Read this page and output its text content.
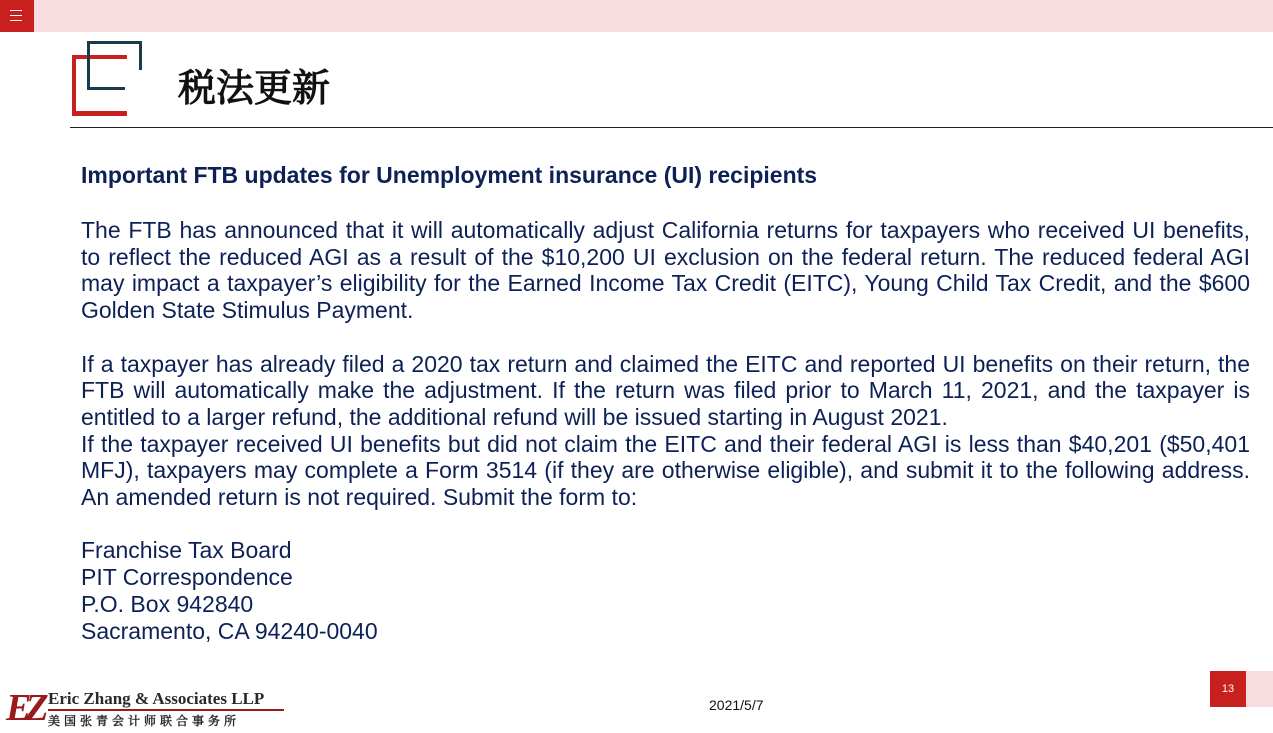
税法更新

Important FTB updates for Unemployment insurance (UI) recipients

The FTB has announced that it will automatically adjust California returns for taxpayers who received UI benefits, to reflect the reduced AGI as a result of the $10,200 UI exclusion on the federal return. The reduced federal AGI may impact a taxpayer’s eligibility for the Earned Income Tax Credit (EITC), Young Child Tax Credit, and the $600 Golden State Stimulus Payment.

If a taxpayer has already filed a 2020 tax return and claimed the EITC and reported UI benefits on their return, the FTB will automatically make the adjustment. If the return was filed prior to March 11, 2021, and the taxpayer is entitled to a larger refund, the additional refund will be issued starting in August 2021.

If the taxpayer received UI benefits but did not claim the EITC and their federal AGI is less than $40,201 ($50,401 MFJ), taxpayers may complete a Form 3514 (if they are otherwise eligible), and submit it to the following address. An amended return is not required. Submit the form to:

Franchise Tax Board

PIT Correspondence

P.O. Box 942840

Sacramento, CA 94240-0040

EZ Eric Zhang & Associates LLP
美国张青会计师联合事务所
2021/5/7
13
